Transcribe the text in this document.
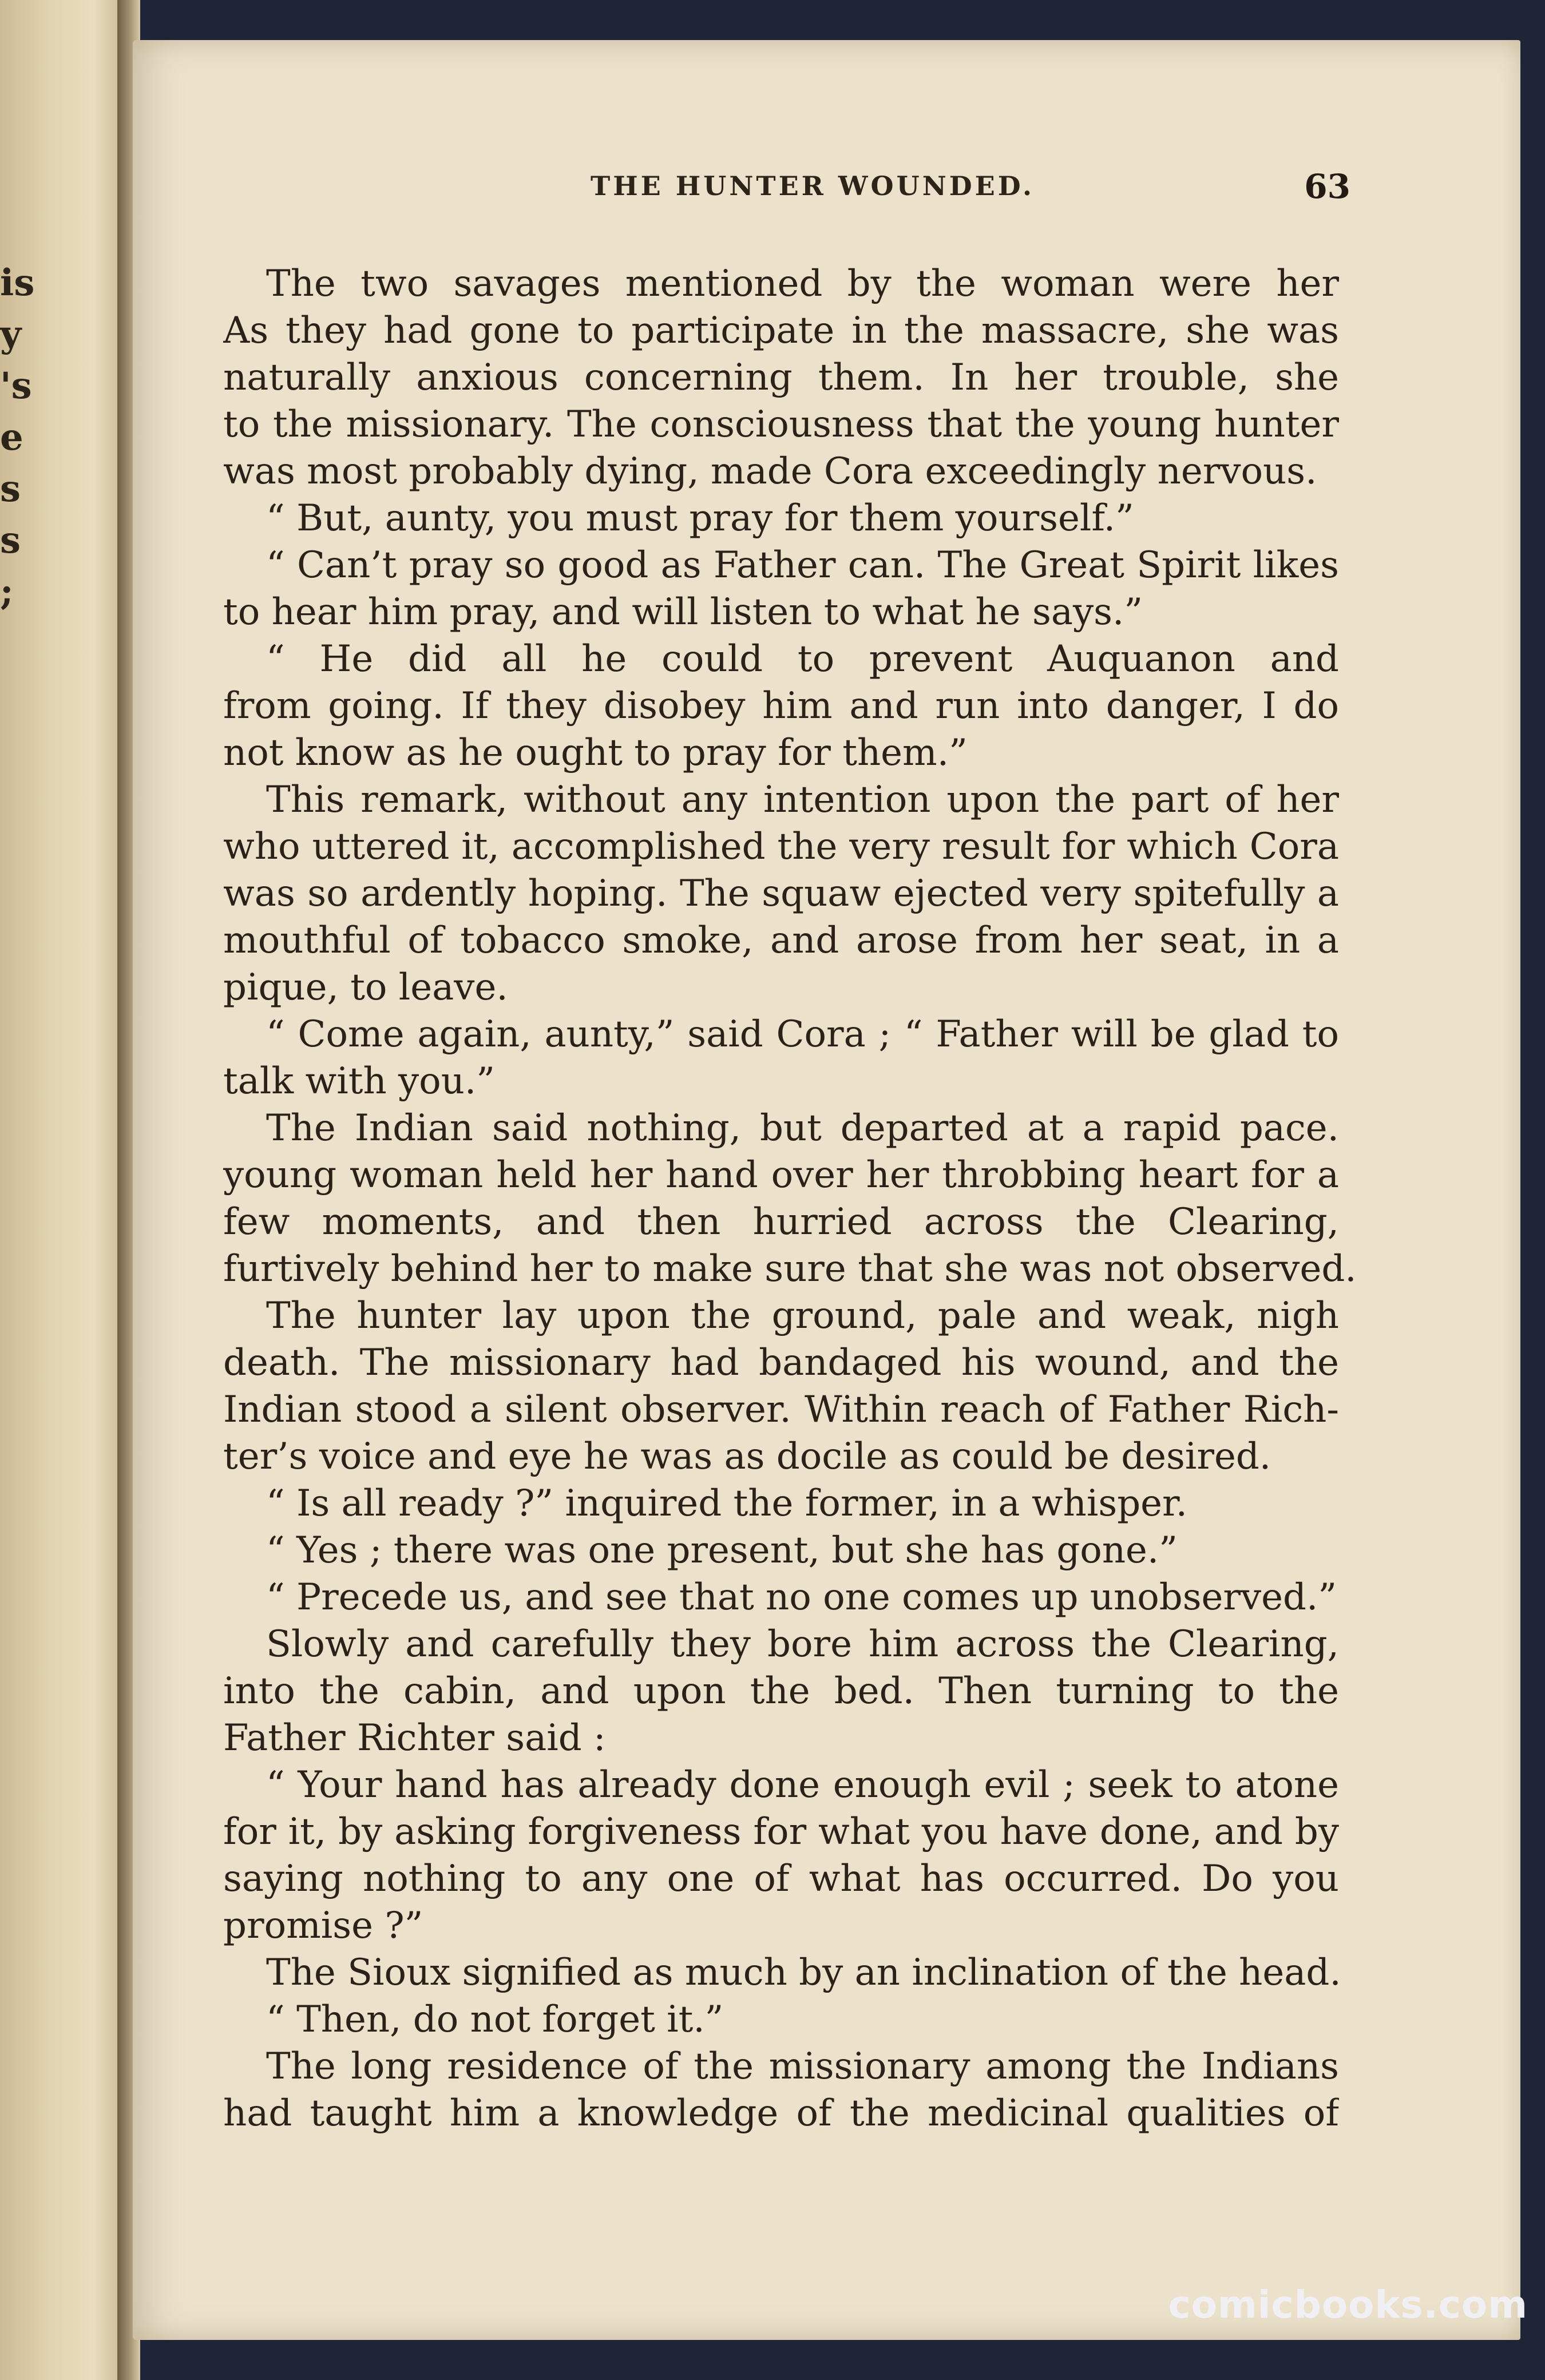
is
y
's
e
s
s
;
THE HUNTER WOUNDED.	63
The two savages mentioned by the woman were her
As they had gone to participate in the massacre, she was
naturally anxious concerning them. In her trouble, she
to the missionary. The consciousness that the young hunter
was most probably dying, made Cora exceedingly nervous.
“ But, aunty, you must pray for them yourself.”
“ Can’t pray so good as Father can. The Great Spirit likes
to hear him pray, and will listen to what he says.”
“ He did all he could to prevent Auquanon and
from going. If they disobey him and run into danger, I do
not know as he ought to pray for them.”
This remark, without any intention upon the part of her
who uttered it, accomplished the very result for which Cora
was so ardently hoping. The squaw ejected very spitefully a
mouthful of tobacco smoke, and arose from her seat, in a
pique, to leave.
“ Come again, aunty,” said Cora ; “ Father will be glad to
talk with you.”
The Indian said nothing, but departed at a rapid pace.
young woman held her hand over her throbbing heart for a
few moments, and then hurried across the Clearing,
furtively behind her to make sure that she was not observed.
The hunter lay upon the ground, pale and weak, nigh
death. The missionary had bandaged his wound, and the
Indian stood a silent observer. Within reach of Father Rich-
ter’s voice and eye he was as docile as could be desired.
“ Is all ready ?” inquired the former, in a whisper.
“ Yes ; there was one present, but she has gone.”
“ Precede us, and see that no one comes up unobserved.”
Slowly and carefully they bore him across the Clearing,
into the cabin, and upon the bed. Then turning to the
Father Richter said :
“ Your hand has already done enough evil ; seek to atone
for it, by asking forgiveness for what you have done, and by
saying nothing to any one of what has occurred. Do you
promise ?”
The Sioux signified as much by an inclination of the head.
“ Then, do not forget it.”
The long residence of the missionary among the Indians
had taught him a knowledge of the medicinal qualities of
comicbooks.com
